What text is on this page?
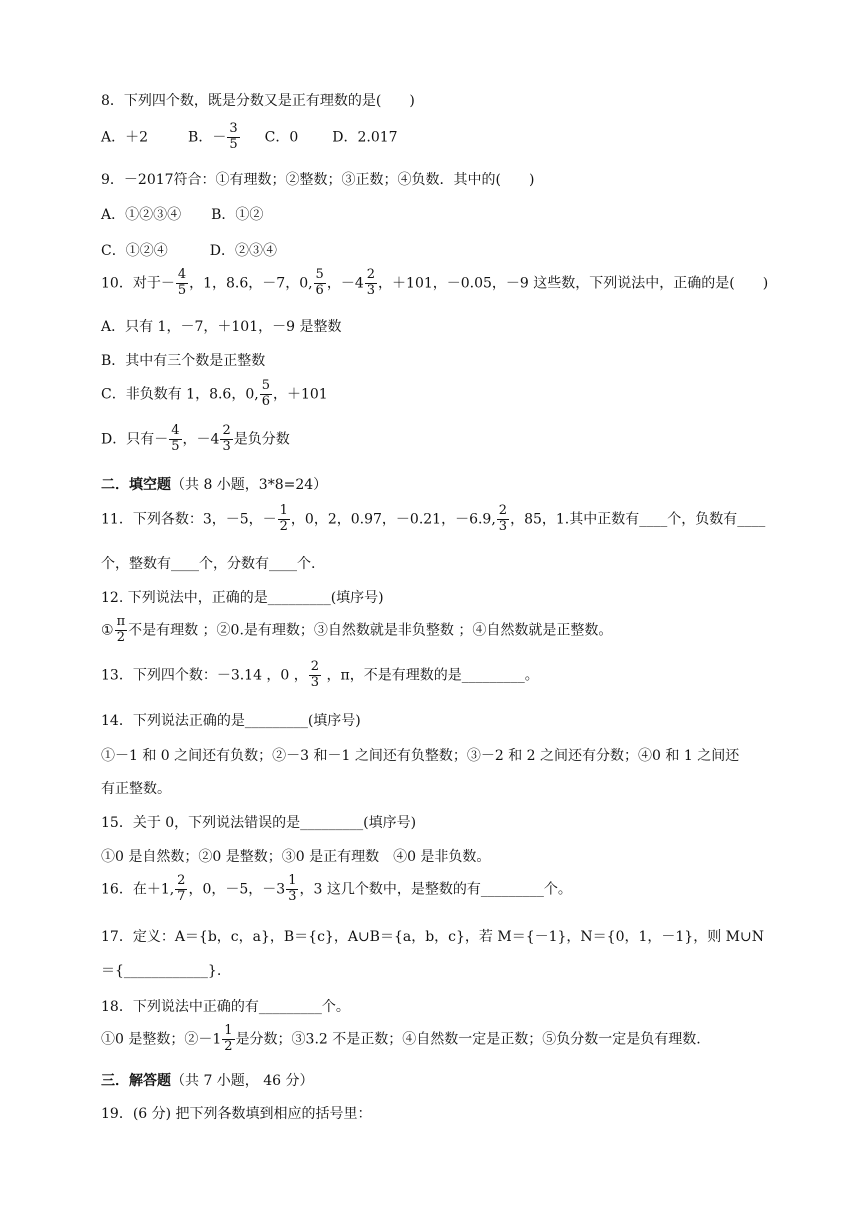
8．下列四个数，既是分数又是正有理数的是(　　)
A．＋2	B．－ $\frac{3}{5}$ C．0 D．2.017
9．－2017符合：①有理数；②整数；③正数；④负数．其中的(　　)
A．①②③④ B．①②
C．①②④	D．②③④
10．对于－ $\frac{4}{5}$ ，1，8.6，－7，0, $\frac{5}{6}$ ，$-4 \frac{2}{3}$ ，＋101，－0.05，－9 这些数，下列说法中，正确的是(　　)
A．只有 1，－7，＋101，－9 是整数
B．其中有三个数是正整数
C．非负数有 1，8.6，0, $\frac{5}{6}$ ，＋101
D．只有－ $\frac{4}{5}$ ，$-4 \frac{2}{3}$ 是负分数
二．填空题（共 8 小题，3*8=24）
11．下列各数：3，－5，－ $\frac{1}{2}$ ，0，2，0.97，－0.21，－6.9, $\frac{2}{3}$ ，85，1.其中正数有____个，负数有____
个，整数有____个，分数有____个.
12. 下列说法中，正确的是_________(填序号)
① $\frac{\pi}{2}$ 不是有理数 ；②0.是有理数；③自然数就是非负整数 ；④自然数就是正整数。
13．下列四个数：－3.14 ，0 ， $\frac{2}{3}$ ，π，不是有理数的是_________。
14．下列说法正确的是_________(填序号)
①－1 和 0 之间还有负数；②－3 和－1 之间还有负整数；③－2 和 2 之间还有分数；④0 和 1 之间还
有正整数。
15．关于 0，下列说法错误的是_________(填序号)
①0 是自然数；②0 是整数；③0 是正有理数　④0 是非负数。
16．在＋1, $\frac{2}{7}$ ，0，－5，$-3 \frac{1}{3}$ ，3 这几个数中，是整数的有_________个。
17．定义：A＝{b，c，a}，B＝{c}，A∪B＝{a，b，c}，若 M＝{－1}，N＝{0，1，－1}，则 M∪N
＝{____________}.
18．下列说法中正确的有_________个。
①0 是整数；②－1 $\frac{1}{2}$ 是分数；③3.2 不是正数；④自然数一定是正数；⑤负分数一定是负有理数.
三．解答题（共 7 小题， 46 分）
19．(6 分) 把下列各数填到相应的括号里：
